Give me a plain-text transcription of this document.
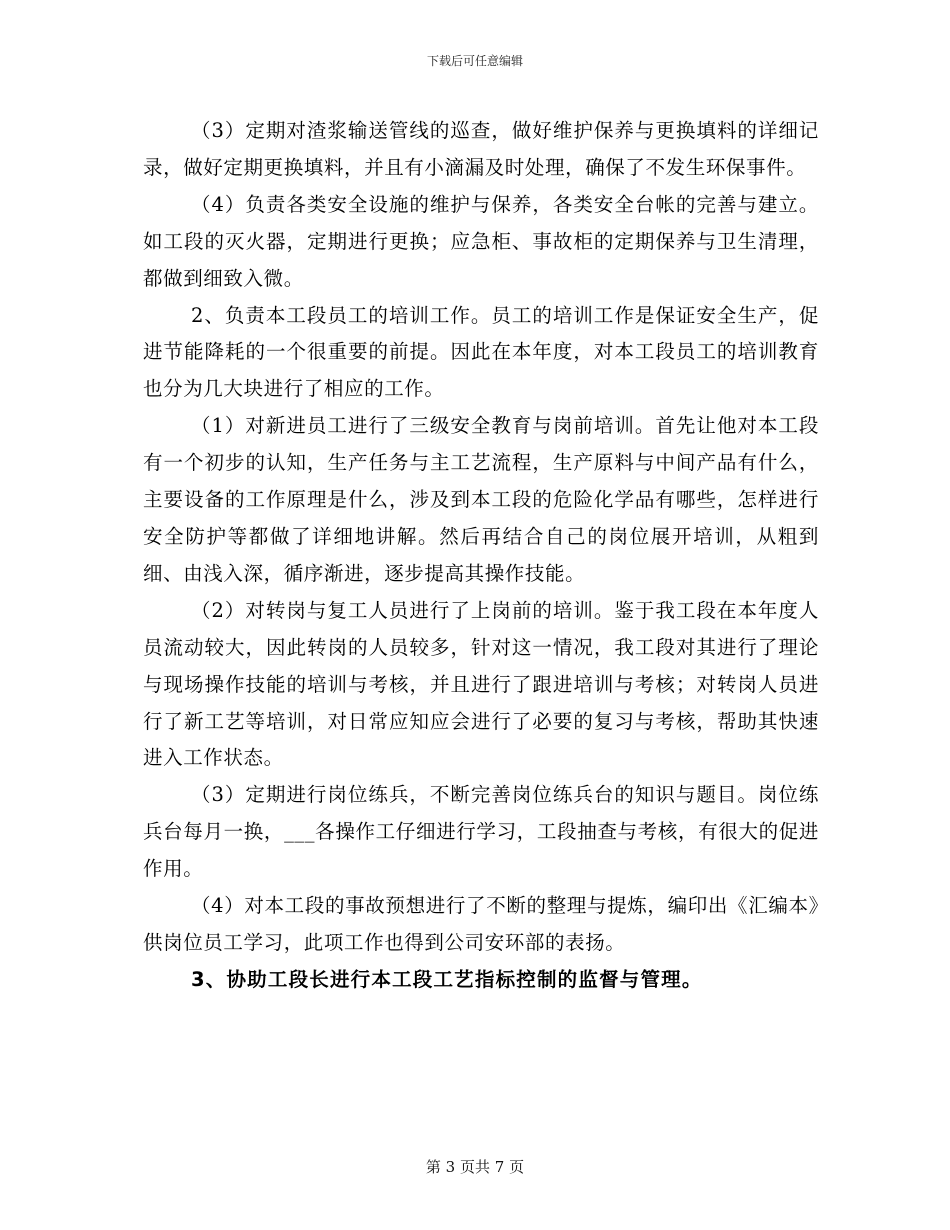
下载后可任意编辑

（3）定期对渣浆输送管线的巡查，做好维护保养与更换填料的详细记录，做好定期更换填料，并且有小滴漏及时处理，确保了不发生环保事件。

（4）负责各类安全设施的维护与保养，各类安全台帐的完善与建立。如工段的灭火器，定期进行更换；应急柜、事故柜的定期保养与卫生清理，都做到细致入微。

2、负责本工段员工的培训工作。员工的培训工作是保证安全生产，促进节能降耗的一个很重要的前提。因此在本年度，对本工段员工的培训教育也分为几大块进行了相应的工作。

（1）对新进员工进行了三级安全教育与岗前培训。首先让他对本工段有一个初步的认知，生产任务与主工艺流程，生产原料与中间产品有什么，主要设备的工作原理是什么，涉及到本工段的危险化学品有哪些，怎样进行安全防护等都做了详细地讲解。然后再结合自己的岗位展开培训，从粗到细、由浅入深，循序渐进，逐步提高其操作技能。

（2）对转岗与复工人员进行了上岗前的培训。鉴于我工段在本年度人员流动较大，因此转岗的人员较多，针对这一情况，我工段对其进行了理论与现场操作技能的培训与考核，并且进行了跟进培训与考核；对转岗人员进行了新工艺等培训，对日常应知应会进行了必要的复习与考核，帮助其快速进入工作状态。

（3）定期进行岗位练兵，不断完善岗位练兵台的知识与题目。岗位练兵台每月一换，___各操作工仔细进行学习，工段抽查与考核，有很大的促进作用。

（4）对本工段的事故预想进行了不断的整理与提炼，编印出《汇编本》供岗位员工学习，此项工作也得到公司安环部的表扬。

3、协助工段长进行本工段工艺指标控制的监督与管理。

第 3 页共 7 页
